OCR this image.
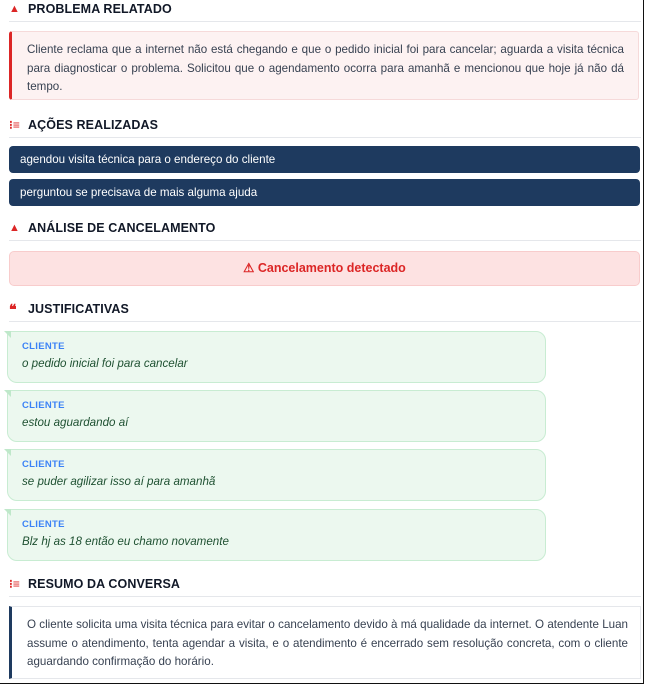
▲ PROBLEMA RELATADO
Cliente reclama que a internet não está chegando e que o pedido inicial foi para cancelar; aguarda a visita técnica para diagnosticar o problema. Solicitou que o agendamento ocorra para amanhã e mencionou que hoje já não dá tempo.
⁝≡ AÇÕES REALIZADAS
agendou visita técnica para o endereço do cliente
perguntou se precisava de mais alguma ajuda
▲ ANÁLISE DE CANCELAMENTO
⚠ Cancelamento detectado
❝ JUSTIFICATIVAS
CLIENTE
o pedido inicial foi para cancelar
CLIENTE
estou aguardando aí
CLIENTE
se puder agilizar isso aí para amanhã
CLIENTE
Blz hj as 18 então eu chamo novamente
⁝≡ RESUMO DA CONVERSA
O cliente solicita uma visita técnica para evitar o cancelamento devido à má qualidade da internet. O atendente Luan assume o atendimento, tenta agendar a visita, e o atendimento é encerrado sem resolução concreta, com o cliente aguardando confirmação do horário.
